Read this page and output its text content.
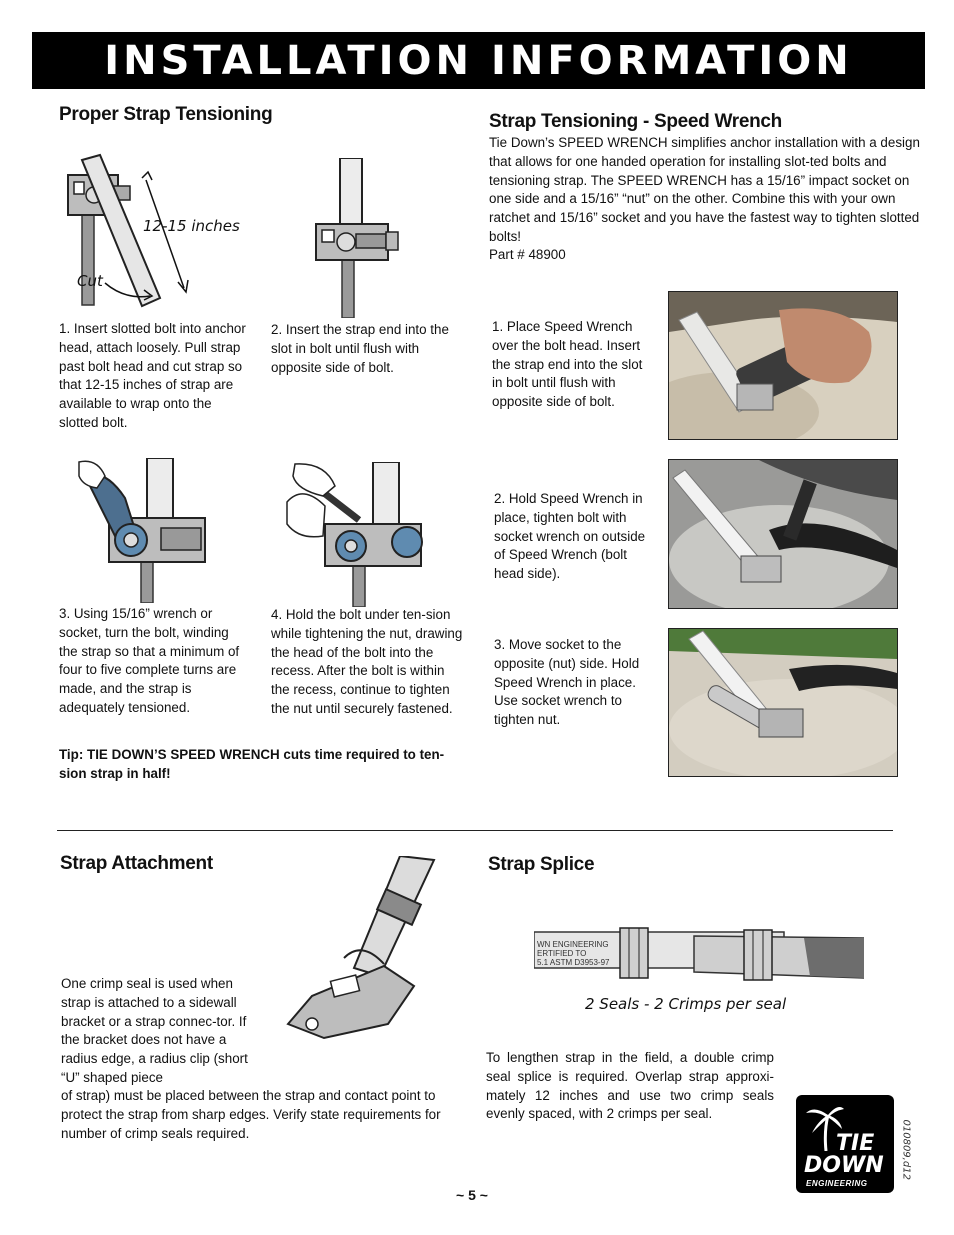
INSTALLATION INFORMATION
Proper Strap Tensioning
12-15 inches
Cut
1. Insert slotted bolt into anchor head, attach loosely. Pull strap past bolt head and cut strap so that 12-15 inches of strap are available to wrap onto the slotted bolt.
2. Insert the strap end into the slot in bolt until flush with opposite side of bolt.
3. Using 15/16” wrench or socket, turn the bolt, winding the strap so that a minimum of four to five complete turns are made, and the strap is adequately tensioned.
4. Hold the bolt under ten-sion while tightening the nut, drawing the head of the bolt into the recess. After the bolt is within the recess, continue to tighten the nut until securely fastened.
Tip: TIE DOWN’S SPEED WRENCH cuts time required to ten-sion strap in half!
Strap Tensioning - Speed Wrench
Tie Down’s SPEED WRENCH simplifies anchor installation with a design that allows for one handed operation for installing slot-ted bolts and tensioning strap. The SPEED WRENCH has a 15/16” impact socket on one side and a 15/16” “nut” on the other. Combine this with your own ratchet and 15/16” socket and you have the fastest way to tighten slotted bolts!
Part # 48900
1. Place Speed Wrench over the bolt head. Insert the strap end into the slot in bolt until flush with opposite side of bolt.
2. Hold Speed Wrench in place, tighten bolt with socket wrench on outside of Speed Wrench (bolt head side).
3. Move socket to the opposite (nut) side. Hold Speed Wrench in place. Use socket wrench to tighten nut.
Strap Attachment
One crimp seal is used when strap is attached to a sidewall bracket or a strap connec-tor. If the bracket does not have a radius edge, a radius clip (short “U” shaped piece
of strap) must be placed between the strap and contact point to protect the strap from sharp edges. Verify state requirements for number of crimp seals required.
Strap Splice
WN ENGINEERING
ERTIFIED TO
5.1 ASTM D3953-97
2 Seals - 2 Crimps per seal
To lengthen strap in the field, a double crimp seal splice is required. Overlap strap approxi-mately 12 inches and use two crimp seals evenly spaced, with 2 crimps per seal.
~ 5 ~
010809,d12
TIE
DOWN
ENGINEERING
